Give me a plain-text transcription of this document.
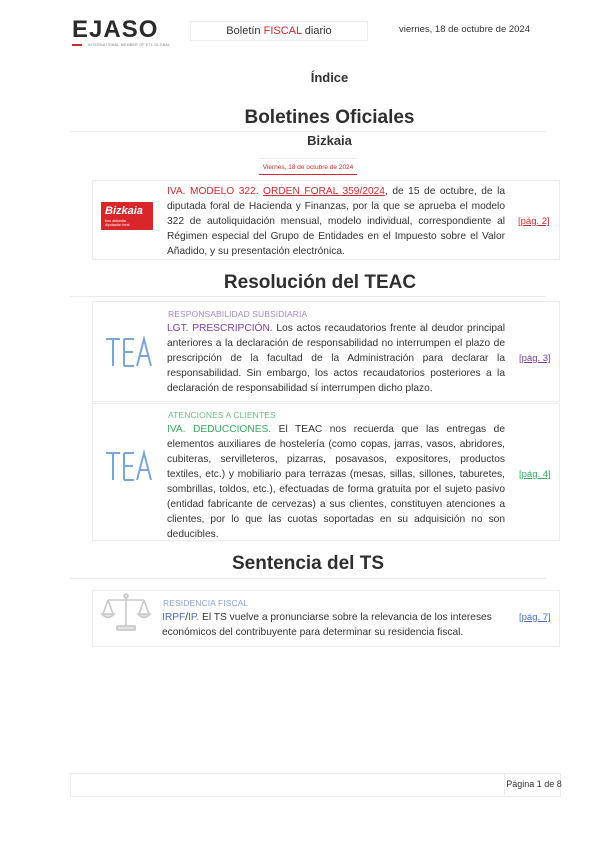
EJASO
INTERNATIONAL MEMBER OF ETL GLOBAL
Boletín FISCAL diario	viernes, 18 de octubre de 2024
Índice
Boletines Oficiales
Bizkaia
Viernes, 18 de octubre de 2024
Bizkaia
foru aldundia
diputación foral
IVA. MODELO 322. ORDEN FORAL 359/2024, de 15 de octubre, de la diputada foral de Hacienda y Finanzas, por la que se aprueba el modelo 322 de autoliquidación mensual, modelo individual, correspondiente al Régimen especial del Grupo de Entidades en el Impuesto sobre el Valor Añadido, y su presentación electrónica.
[pág. 2]
Resolución del TEAC
RESPONSABILIDAD SUBSIDIARIA
LGT. PRESCRIPCIÓN. Los actos recaudatorios frente al deudor principal anteriores a la declaración de responsabilidad no interrumpen el plazo de prescripción de la facultad de la Administración para declarar la responsabilidad. Sin embargo, los actos recaudatorios posteriores a la declaración de responsabilidad sí interrumpen dicho plazo.
[pág. 3]
ATENCIONES A CLIENTES
IVA. DEDUCCIONES. El TEAC nos recuerda que las entregas de elementos auxiliares de hostelería (como copas, jarras, vasos, abridores, cubiteras, servilleteros, pizarras, posavasos, expositores, productos textiles, etc.) y mobiliario para terrazas (mesas, sillas, sillones, taburetes, sombrillas, toldos, etc.), efectuadas de forma gratuita por el sujeto pasivo (entidad fabricante de cervezas) a sus clientes, constituyen atenciones a clientes, por lo que las cuotas soportadas en su adquisición no son deducibles.
[pág. 4]
Sentencia del TS
RESIDENCIA FISCAL
IRPF/IP. El TS vuelve a pronunciarse sobre la relevancia de los intereses económicos del contribuyente para determinar su residencia fiscal.
[pág. 7]
Página 1 de 8
